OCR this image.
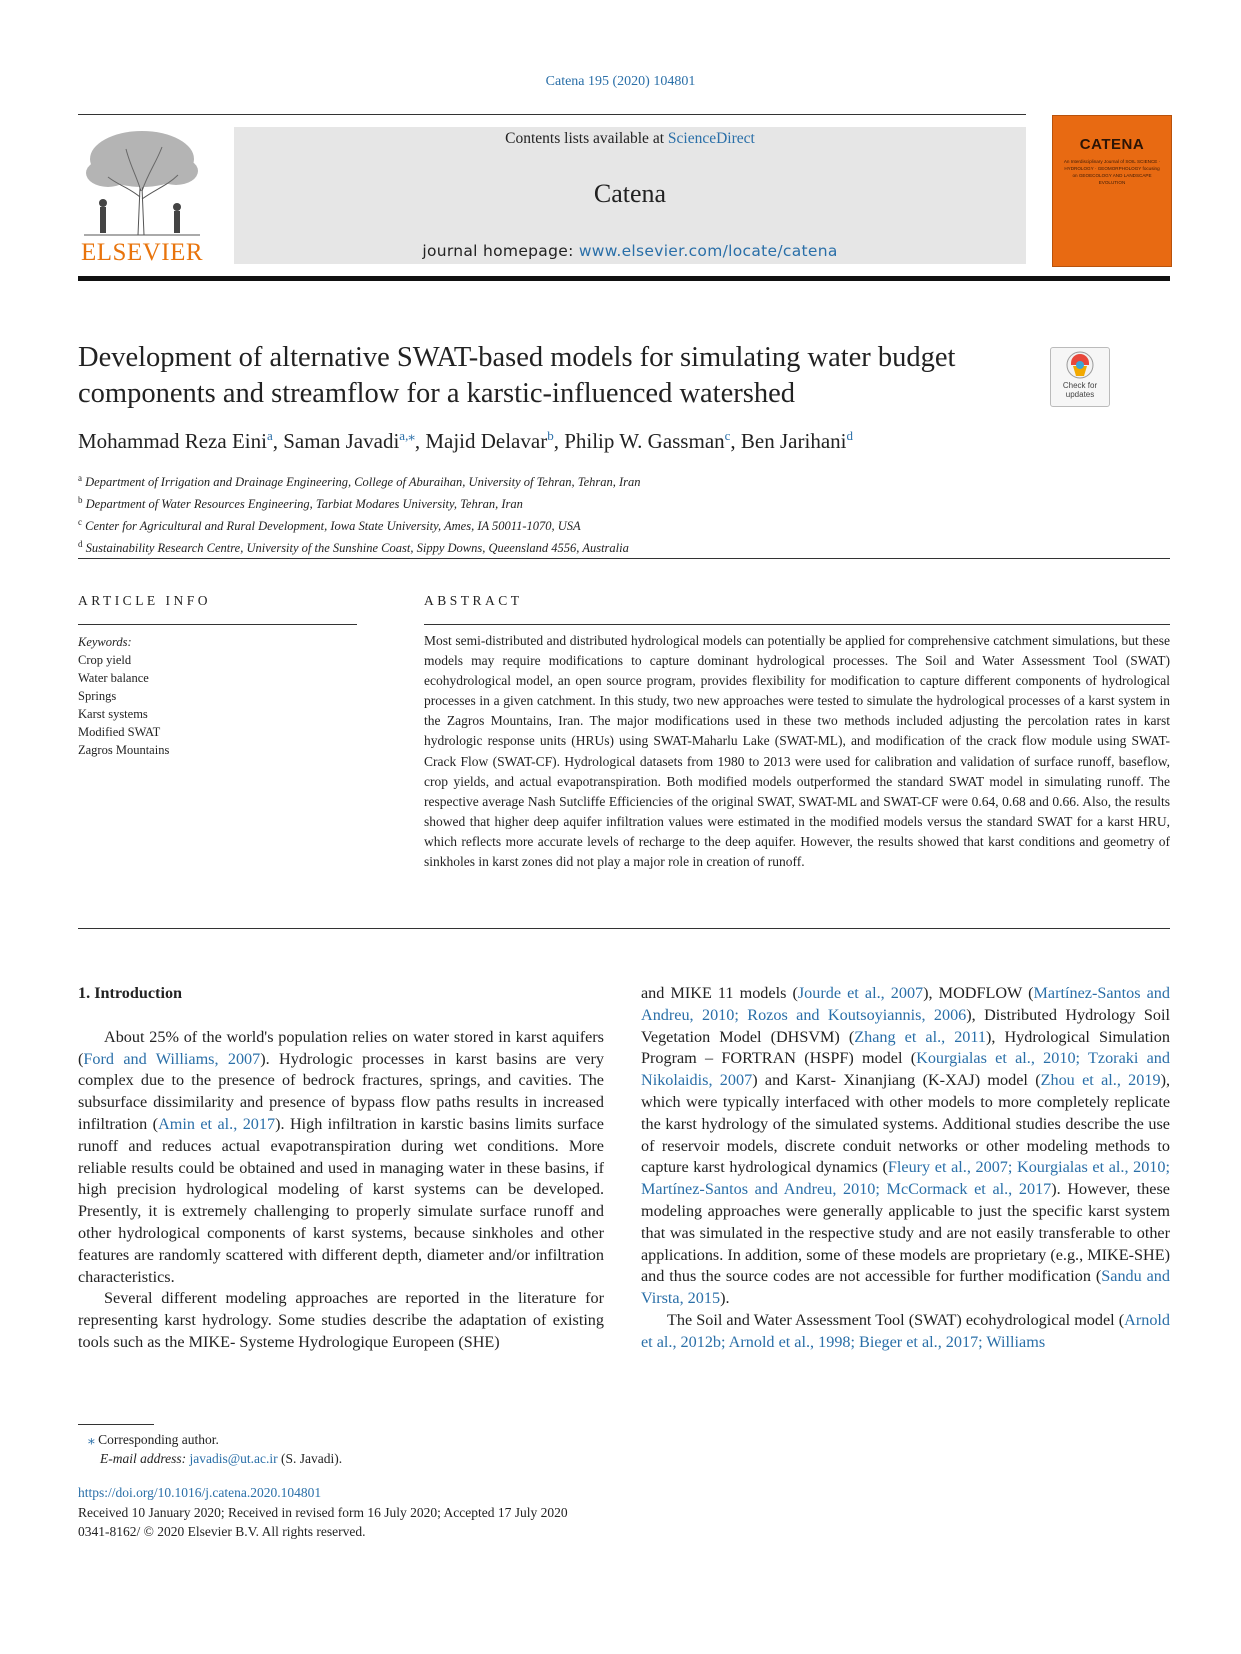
Catena 195 (2020) 104801
ELSEVIER
Contents lists available at ScienceDirect
Catena
journal homepage: www.elsevier.com/locate/catena
CATENA
An Interdisciplinary Journal of SOIL SCIENCE · HYDROLOGY · GEOMORPHOLOGY focusing on GEOECOLOGY AND LANDSCAPE EVOLUTION
Development of alternative SWAT-based models for simulating water budget
components and streamflow for a karstic-influenced watershed	Check for updates
Mohammad Reza Eini$^a$, Saman Javadi$^{a,⁎}$, Majid Delavar$^b$, Philip W. Gassman$^c$, Ben Jarihani$^d$
$^a$ Department of Irrigation and Drainage Engineering, College of Aburaihan, University of Tehran, Tehran, Iran
$^b$ Department of Water Resources Engineering, Tarbiat Modares University, Tehran, Iran
$^c$ Center for Agricultural and Rural Development, Iowa State University, Ames, IA 50011-1070, USA
$^d$ Sustainability Research Centre, University of the Sunshine Coast, Sippy Downs, Queensland 4556, Australia
ARTICLE INFO	ABSTRACT
Keywords:
Crop yield
Water balance
Springs
Karst systems
Modified SWAT
Zagros Mountains
Most semi-distributed and distributed hydrological models can potentially be applied for comprehensive catchment simulations, but these models may require modifications to capture dominant hydrological processes. The Soil and Water Assessment Tool (SWAT) ecohydrological model, an open source program, provides flexibility for modification to capture different components of hydrological processes in a given catchment. In this study, two new approaches were tested to simulate the hydrological processes of a karst system in the Zagros Mountains, Iran. The major modifications used in these two methods included adjusting the percolation rates in karst hydrologic response units (HRUs) using SWAT-Maharlu Lake (SWAT-ML), and modification of the crack flow module using SWAT-Crack Flow (SWAT-CF). Hydrological datasets from 1980 to 2013 were used for calibration and validation of surface runoff, baseflow, crop yields, and actual evapotranspiration. Both modified models outperformed the standard SWAT model in simulating runoff. The respective average Nash Sutcliffe Efficiencies of the original SWAT, SWAT-ML and SWAT-CF were 0.64, 0.68 and 0.66. Also, the results showed that higher deep aquifer infiltration values were estimated in the modified models versus the standard SWAT for a karst HRU, which reflects more accurate levels of recharge to the deep aquifer. However, the results showed that karst conditions and geometry of sinkholes in karst zones did not play a major role in creation of runoff.
1. Introduction

About 25% of the world's population relies on water stored in karst aquifers (Ford and Williams, 2007). Hydrologic processes in karst basins are very complex due to the presence of bedrock fractures, springs, and cavities. The subsurface dissimilarity and presence of bypass flow paths results in increased infiltration (Amin et al., 2017). High infiltration in karstic basins limits surface runoff and reduces actual evapotranspiration during wet conditions. More reliable results could be obtained and used in managing water in these basins, if high precision hydrological modeling of karst systems can be developed. Presently, it is extremely challenging to properly simulate surface runoff and other hydrological components of karst systems, because sinkholes and other features are randomly scattered with different depth, diameter and/or infiltration characteristics.

Several different modeling approaches are reported in the literature for representing karst hydrology. Some studies describe the adaptation of existing tools such as the MIKE- Systeme Hydrologique Europeen (SHE)

and MIKE 11 models (Jourde et al., 2007), MODFLOW (Martínez-Santos and Andreu, 2010; Rozos and Koutsoyiannis, 2006), Distributed Hydrology Soil Vegetation Model (DHSVM) (Zhang et al., 2011), Hydrological Simulation Program – FORTRAN (HSPF) model (Kourgialas et al., 2010; Tzoraki and Nikolaidis, 2007) and Karst- Xinanjiang (K-XAJ) model (Zhou et al., 2019), which were typically interfaced with other models to more completely replicate the karst hydrology of the simulated systems. Additional studies describe the use of reservoir models, discrete conduit networks or other modeling methods to capture karst hydrological dynamics (Fleury et al., 2007; Kourgialas et al., 2010; Martínez-Santos and Andreu, 2010; McCormack et al., 2017). However, these modeling approaches were generally applicable to just the specific karst system that was simulated in the respective study and are not easily transferable to other applications. In addition, some of these models are proprietary (e.g., MIKE-SHE) and thus the source codes are not accessible for further modification (Sandu and Virsta, 2015).

The Soil and Water Assessment Tool (SWAT) ecohydrological model (Arnold et al., 2012b; Arnold et al., 1998; Bieger et al., 2017; Williams

⁎ Corresponding author.
E-mail address: javadis@ut.ac.ir (S. Javadi).
https://doi.org/10.1016/j.catena.2020.104801
Received 10 January 2020; Received in revised form 16 July 2020; Accepted 17 July 2020
0341-8162/ © 2020 Elsevier B.V. All rights reserved.
